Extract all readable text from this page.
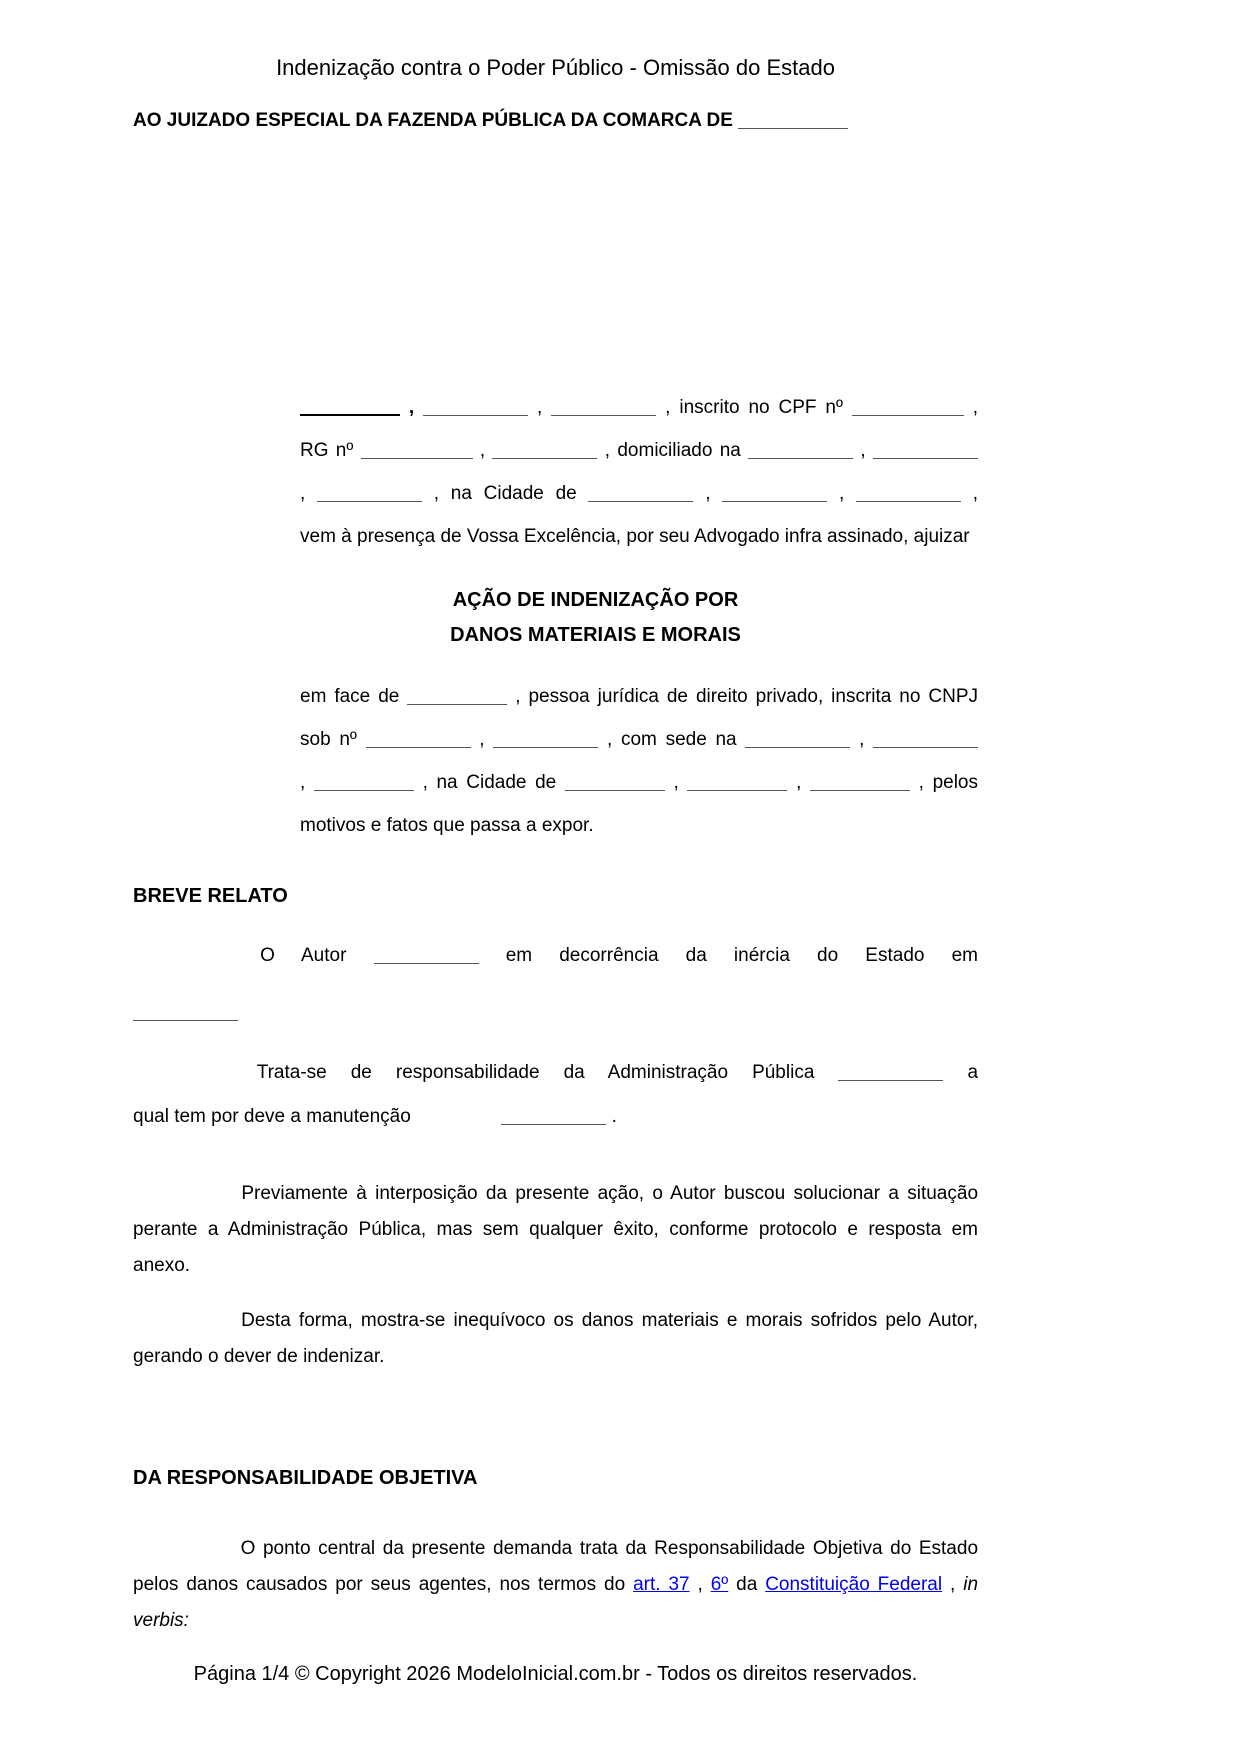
Indenização contra o Poder Público - Omissão do Estado
AO JUIZADO ESPECIAL DA FAZENDA PÚBLICA DA COMARCA DE
,	,	, inscrito no CPF nº	,
RG nº	,	, domiciliado na	,
,	, na Cidade de	,	,	,
vem à presença de Vossa Excelência, por seu Advogado infra assinado, ajuizar
AÇÃO DE INDENIZAÇÃO POR
DANOS MATERIAIS E MORAIS
em face de	, pessoa jurídica de direito privado, inscrita no CNPJ
sob nº	,	, com sede na	,
,	, na Cidade de	,	,	, pelos
motivos e fatos que passa a expor.
BREVE RELATO
O Autor	em decorrência da inércia do Estado em
Trata-se de responsabilidade da Administração Pública	a
qual tem por deve a manutenção	.
Previamente à interposição da presente ação, o Autor buscou solucionar a situação
perante a Administração Pública, mas sem qualquer êxito, conforme protocolo e resposta em
anexo.
Desta forma, mostra-se inequívoco os danos materiais e morais sofridos pelo Autor,
gerando o dever de indenizar.
DA RESPONSABILIDADE OBJETIVA
O ponto central da presente demanda trata da Responsabilidade Objetiva do Estado
pelos danos causados por seus agentes, nos termos do art. 37 , 6º da Constituição Federal , in
verbis:
Página 1/4 © Copyright 2026 ModeloInicial.com.br - Todos os direitos reservados.
